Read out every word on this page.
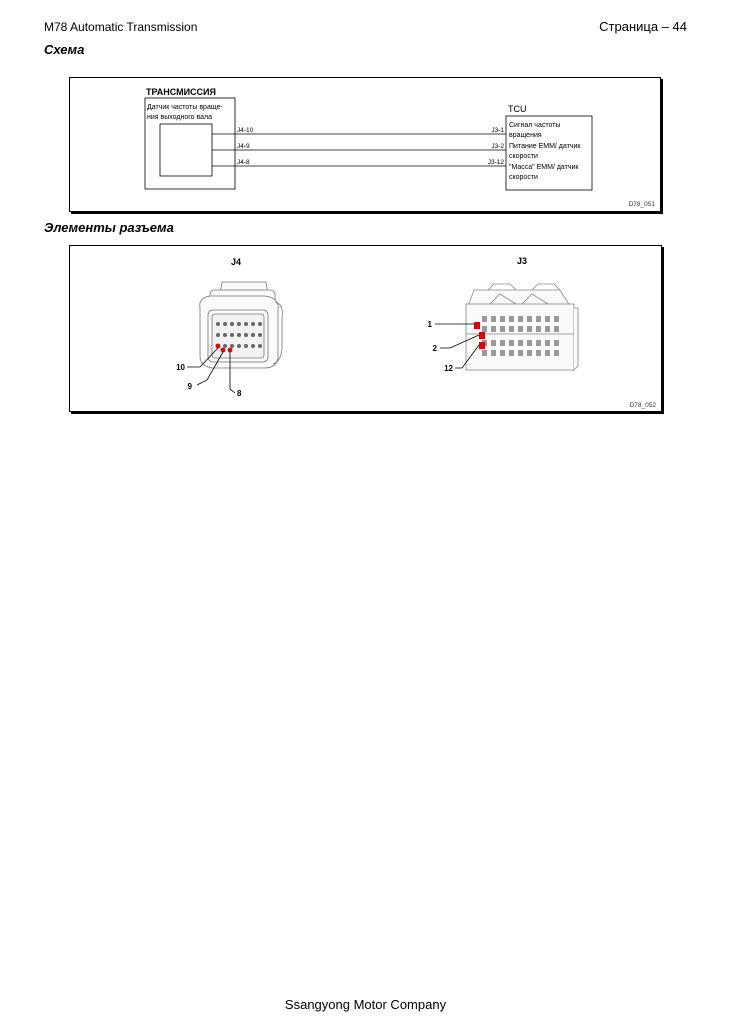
M78 Automatic Transmission	Страница – 44
Схема
ТРАНСМИССИЯ
Датчик частоты враще-
ния выходного вала
TCU
J4-10
J4-9
J4-8
J3-1
J3-2
J3-12
Сигнал частоты
вращения
Питание EMM/ датчик
скорости
"Масса" EMM/ датчик
скорости
D78_051
Элементы разъема
J4
10
9
8
J3
1
2
12
D78_052
Ssangyong Motor Company
